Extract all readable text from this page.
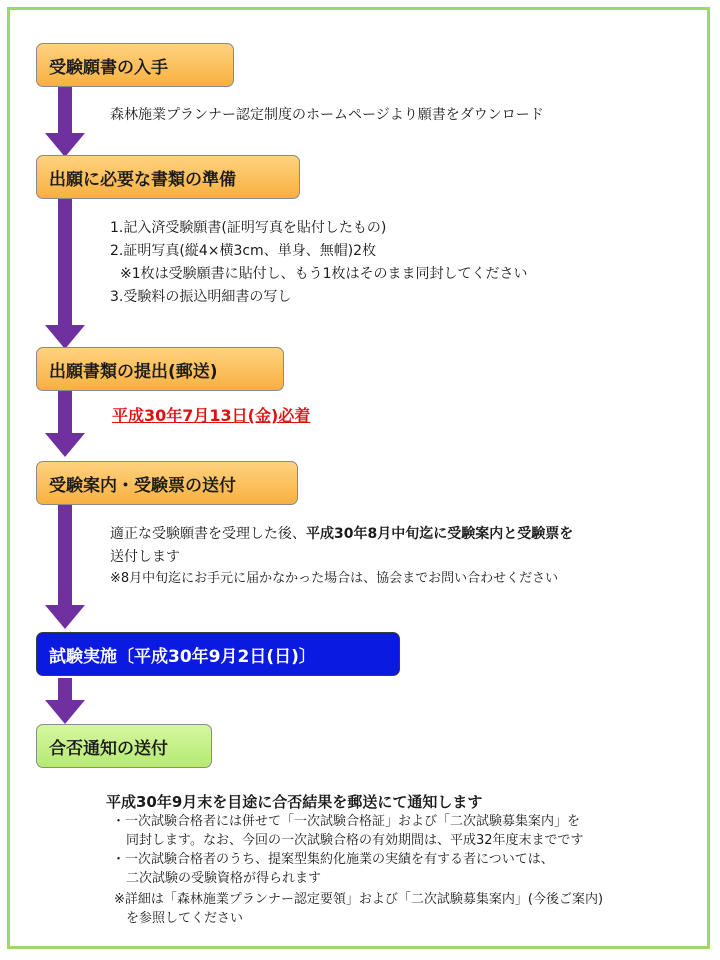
受験願書の入手
出願に必要な書類の準備
出願書類の提出(郵送)
受験案内・受験票の送付
試験実施〔平成30年9月2日(日)〕
合否通知の送付
森林施業プランナー認定制度のホームページより願書をダウンロード
1.記入済受験願書(証明写真を貼付したもの)
2.証明写真(縦4×横3cm、単身、無帽)2枚
※1枚は受験願書に貼付し、もう1枚はそのまま同封してください
3.受験料の振込明細書の写し
平成30年7月13日(金)必着
適正な受験願書を受理した後、平成30年8月中旬迄に受験案内と受験票を
送付します
※8月中旬迄にお手元に届かなかった場合は、協会までお問い合わせください
平成30年9月末を目途に合否結果を郵送にて通知します
・一次試験合格者には併せて「一次試験合格証」および「二次試験募集案内」を
同封します。なお、今回の一次試験合格の有効期間は、平成32年度末までです
・一次試験合格者のうち、提案型集約化施業の実績を有する者については、
二次試験の受験資格が得られます
※詳細は「森林施業プランナー認定要領」および「二次試験募集案内」(今後ご案内)
を参照してください
